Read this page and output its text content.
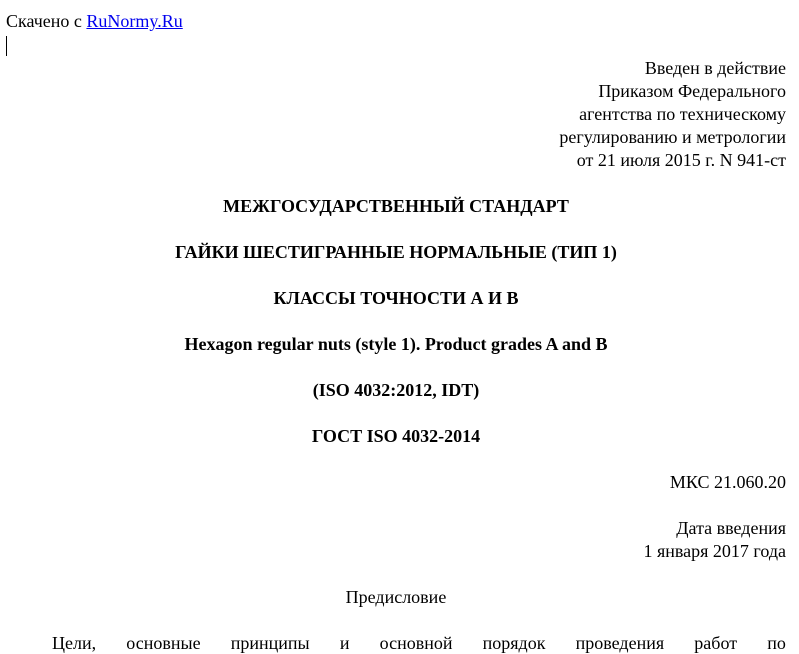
Скачено с RuNormy.Ru
Введен в действие
Приказом Федерального
агентства по техническому
регулированию и метрологии
от 21 июля 2015 г. N 941-ст
МЕЖГОСУДАРСТВЕННЫЙ СТАНДАРТ
ГАЙКИ ШЕСТИГРАННЫЕ НОРМАЛЬНЫЕ (ТИП 1)
КЛАССЫ ТОЧНОСТИ А И В
Hexagon regular nuts (style 1). Product grades A and B
(ISO 4032:2012, IDT)
ГОСТ ISO 4032-2014
МКС 21.060.20
Дата введения
1 января 2017 года
Предисловие
Цели, основные принципы и основной порядок проведения работ по
